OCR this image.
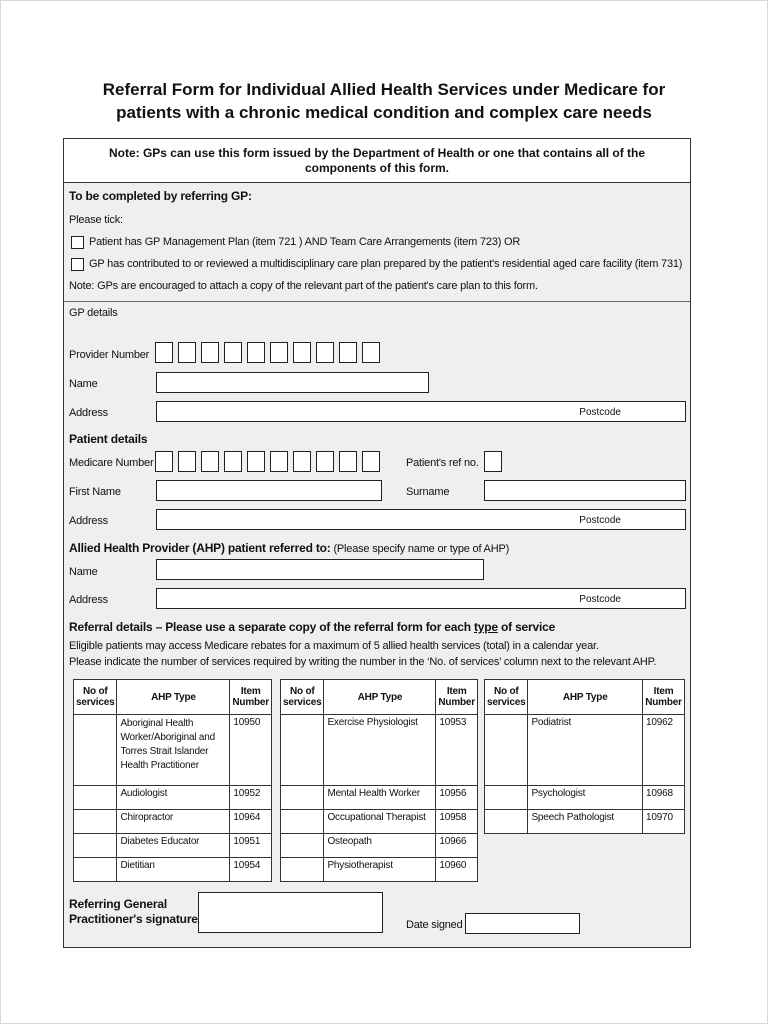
Referral Form for Individual Allied Health Services under Medicare for
patients with a chronic medical condition and complex care needs
Note: GPs can use this form issued by the Department of Health or one that contains all of the
components of this form.
To be completed by referring GP:
Please tick:
Patient has GP Management Plan (item 721 ) AND Team Care Arrangements (item 723) OR
GP has contributed to or reviewed a multidisciplinary care plan prepared by the patient's residential aged care facility (item 731)
Note: GPs are encouraged to attach a copy of the relevant part of the patient's care plan to this form.
GP details
Provider Number
Name
Address	Postcode
Patient details
Medicare Number	Patient's ref no.
First Name	Surname
Address	Postcode
Allied Health Provider (AHP) patient referred to: (Please specify name or type of AHP)
Name
Address	Postcode
Referral details – Please use a separate copy of the referral form for each type of service
Eligible patients may access Medicare rebates for a maximum of 5 allied health services (total) in a calendar year.
Please indicate the number of services required by writing the number in the ‘No. of services’ column next to the relevant AHP.
No of services	AHP Type	Item Number
	Aboriginal Health Worker/Aboriginal and Torres Strait Islander Health Practitioner	10950
	Audiologist	10952
	Chiropractor	10964
	Diabetes Educator	10951
	Dietitian	10954
No of services	AHP Type	Item Number
	Exercise Physiologist	10953
	Mental Health Worker	10956
	Occupational Therapist	10958
	Osteopath	10966
	Physiotherapist	10960
No of services	AHP Type	Item Number
	Podiatrist	10962
	Psychologist	10968
	Speech Pathologist	10970
Referring General
Practitioner's signature	Date signed
